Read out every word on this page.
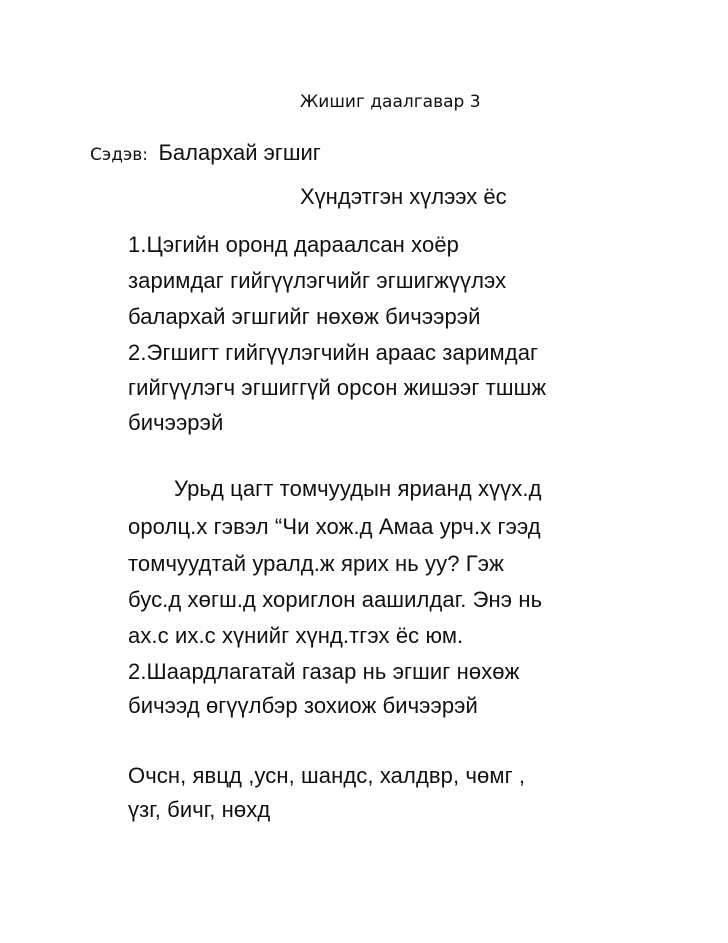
Жишиг даалгавар 3
Сэдэв: Балархай эгшиг
Хүндэтгэн хүлээх ёс
1.Цэгийн оронд дараалсан хоёр
заримдаг гийгүүлэгчийг эгшигжүүлэх
балархай эгшгийг нөхөж бичээрэй
2.Эгшигт гийгүүлэгчийн араас заримдаг
гийгүүлэгч эгшиггүй орсон жишээг тшшж
бичээрэй
Урьд цагт томчуудын ярианд хүүх.д
оролц.х гэвэл “Чи хож.д Амаа урч.х гээд
томчуудтай уралд.ж ярих нь уу? Гэж
бус.д хөгш.д хориглон аашилдаг. Энэ нь
ах.с их.с хүнийг хүнд.тгэх ёс юм.
2.Шаардлагатай газар нь эгшиг нөхөж
бичээд өгүүлбэр зохиож бичээрэй
Очсн, явцд ,усн, шандс, халдвр, чөмг ,
үзг, бичг, нөхд
